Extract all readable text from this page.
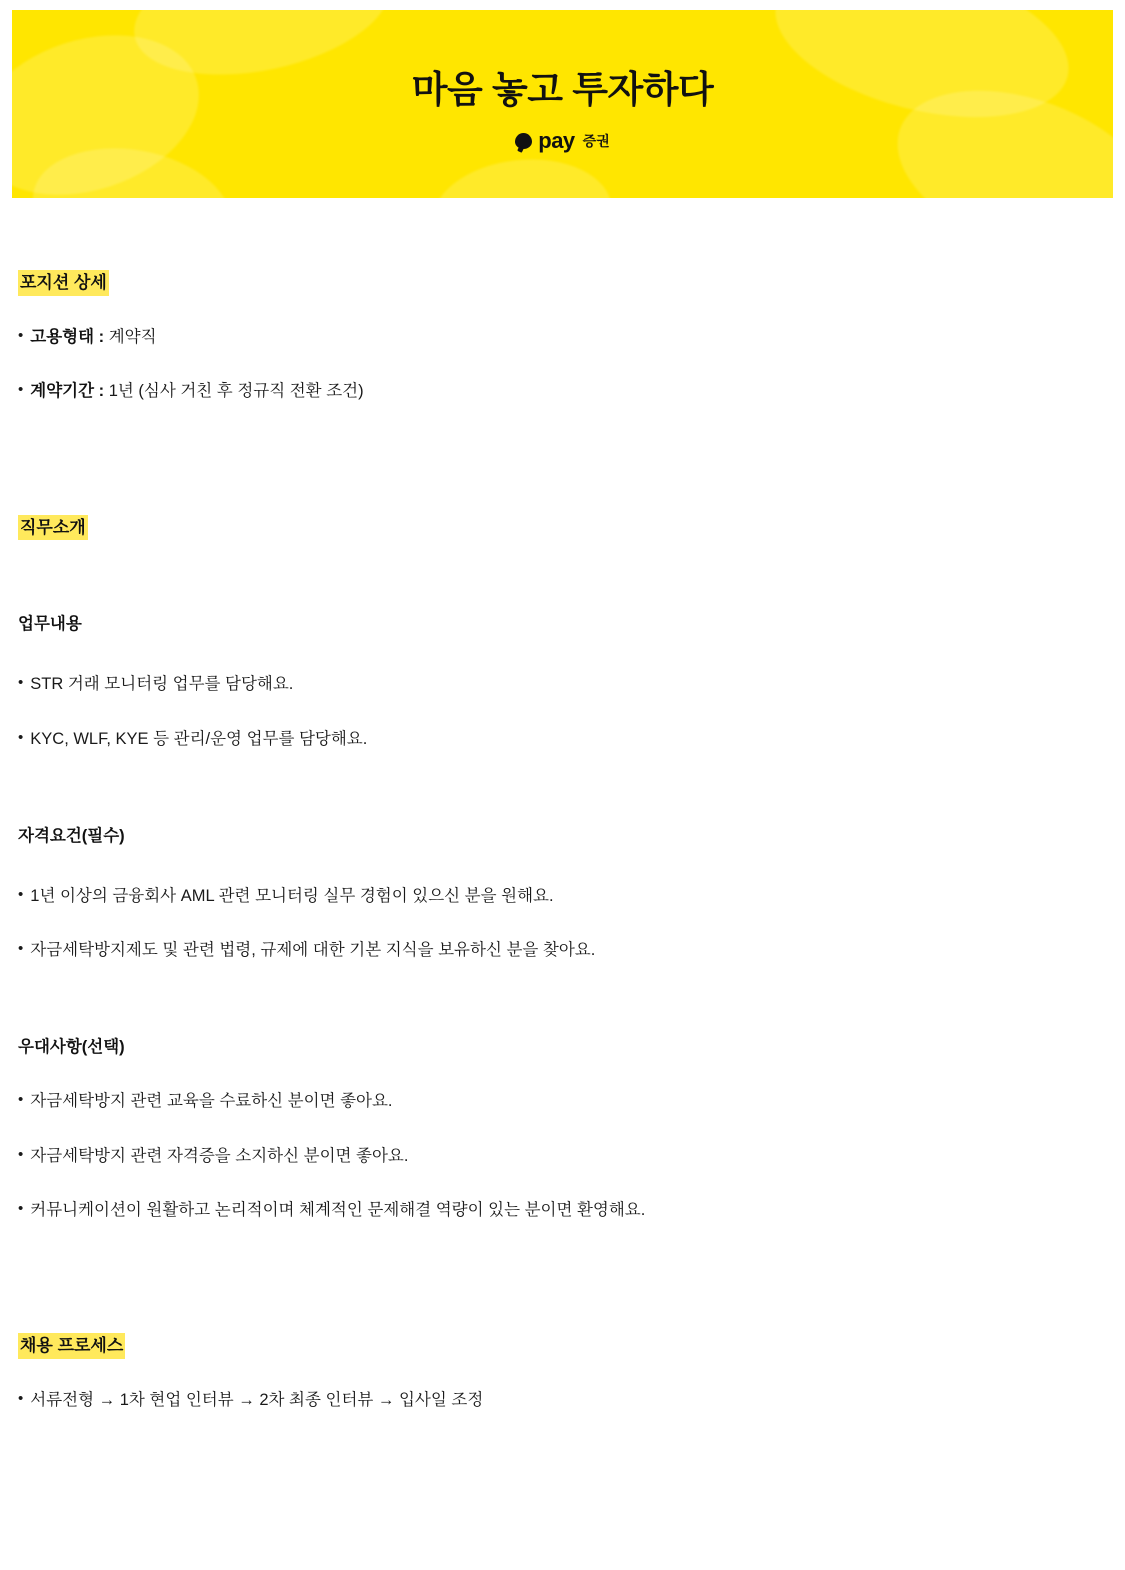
마음 놓고 투자하다
pay 증권
포지션 상세
• 고용형태 : 계약직
• 계약기간 : 1년 (심사 거친 후 정규직 전환 조건)
직무소개
업무내용
• STR 거래 모니터링 업무를 담당해요.
• KYC, WLF, KYE 등 관리/운영 업무를 담당해요.
자격요건(필수)
• 1년 이상의 금융회사 AML 관련 모니터링 실무 경험이 있으신 분을 원해요.
• 자금세탁방지제도 및 관련 법령, 규제에 대한 기본 지식을 보유하신 분을 찾아요.
우대사항(선택)
• 자금세탁방지 관련 교육을 수료하신 분이면 좋아요.
• 자금세탁방지 관련 자격증을 소지하신 분이면 좋아요.
• 커뮤니케이션이 원활하고 논리적이며 체계적인 문제해결 역량이 있는 분이면 환영해요.
채용 프로세스
• 서류전형 → 1차 현업 인터뷰 → 2차 최종 인터뷰 → 입사일 조정
